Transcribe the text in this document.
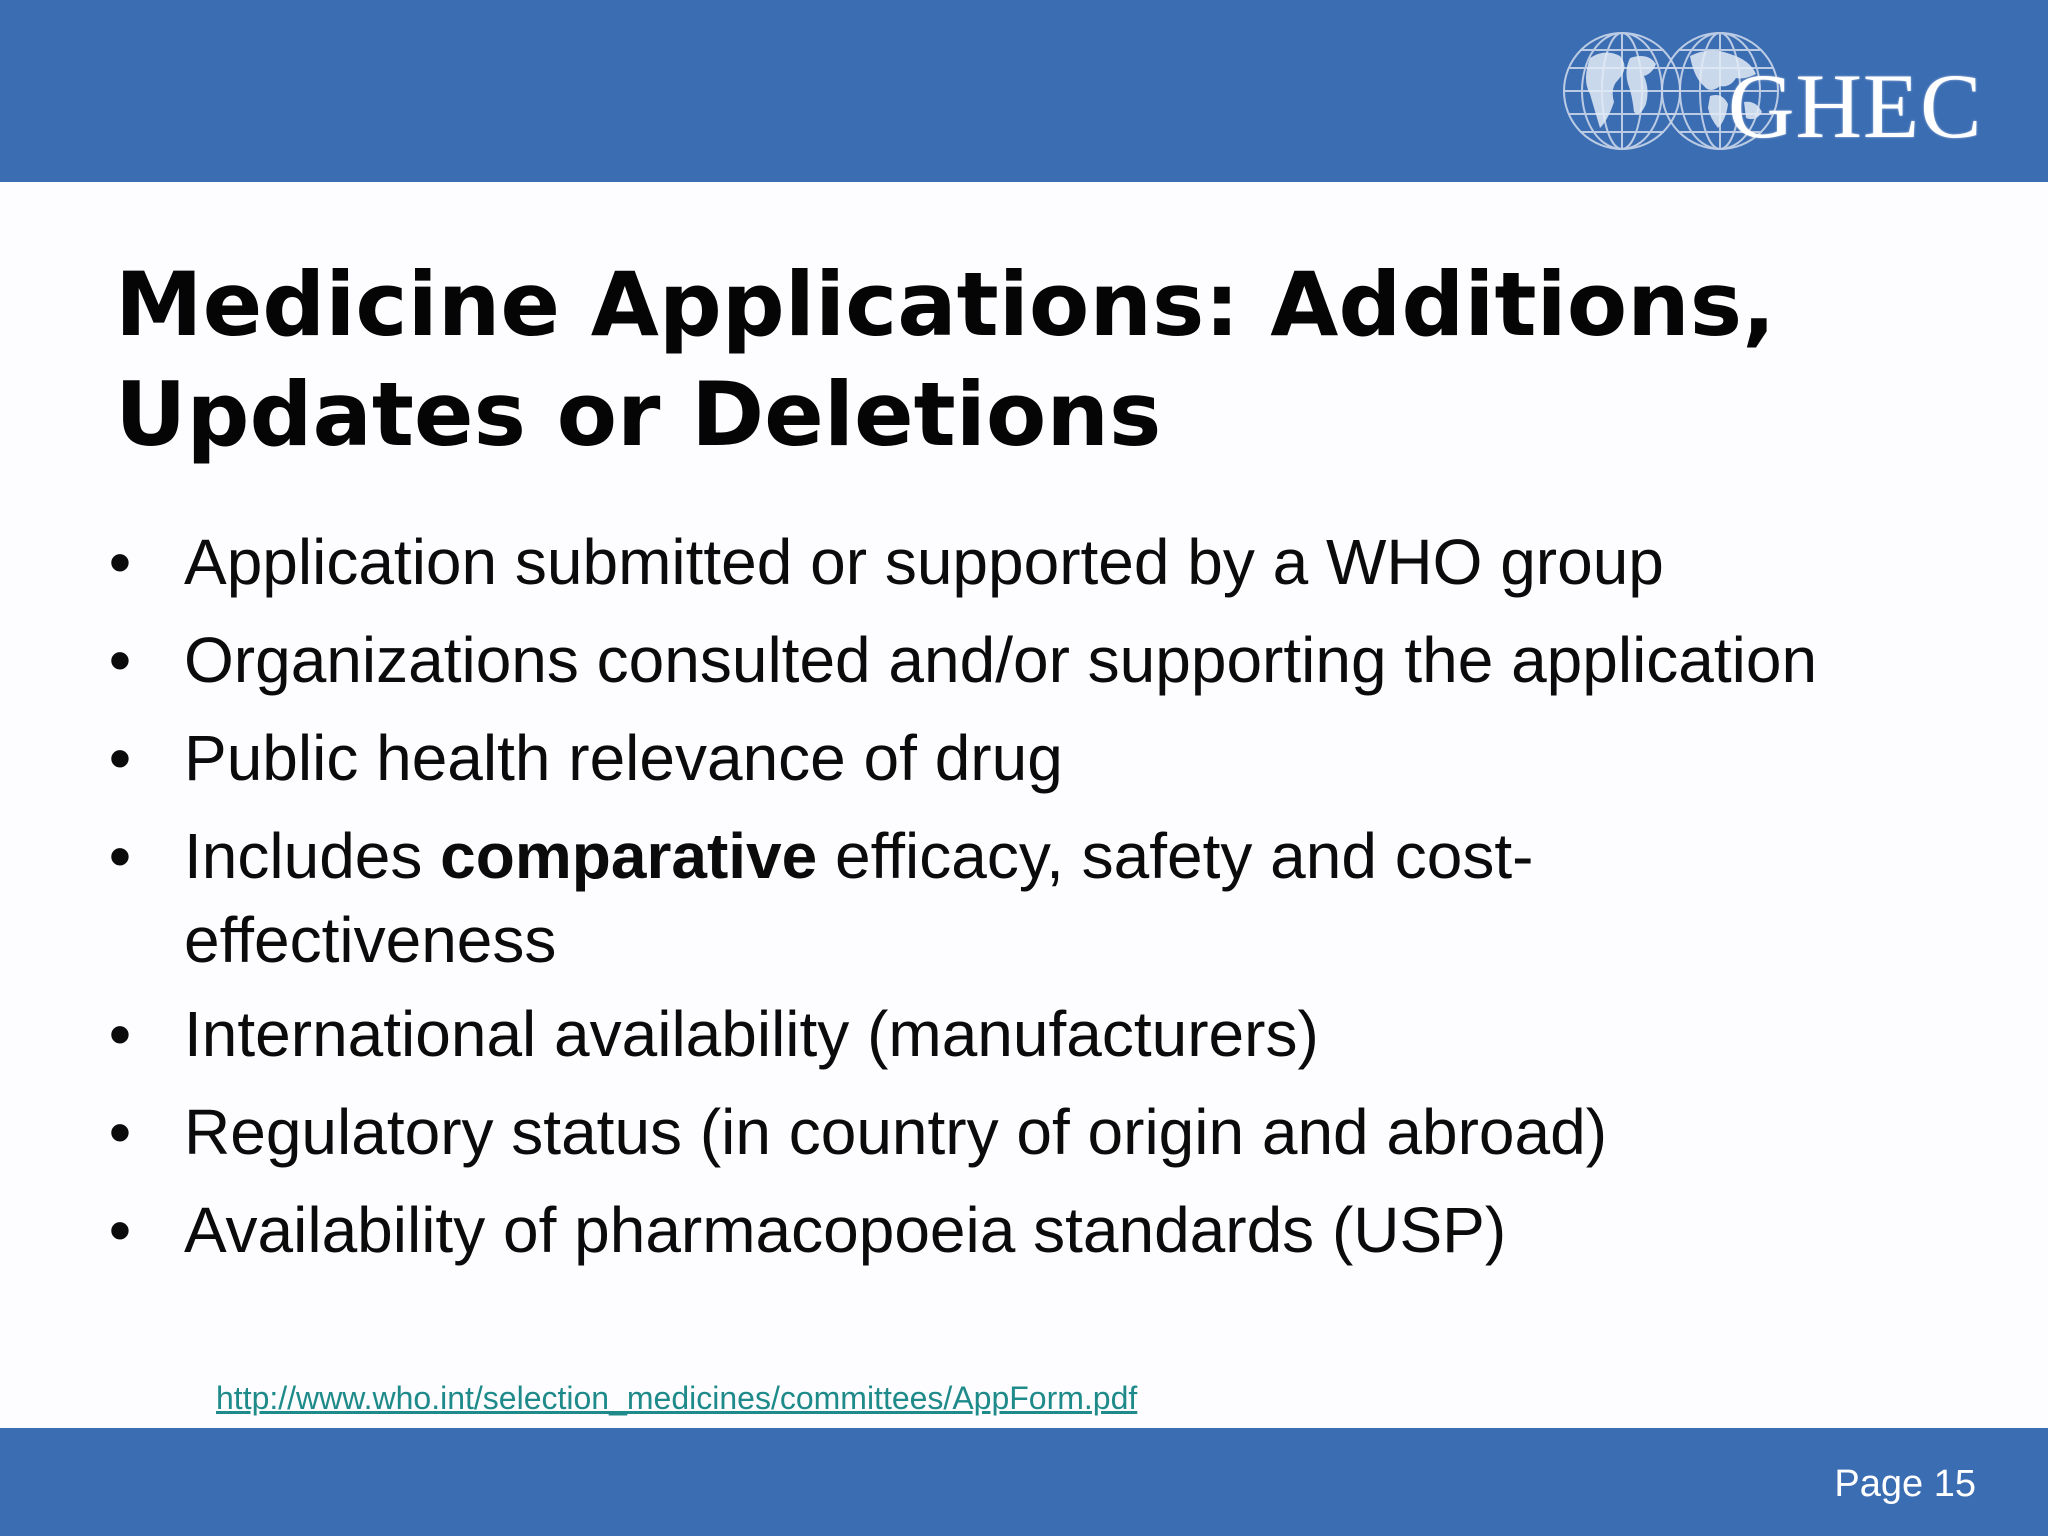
GHEC
Medicine Applications: Additions,
Updates or Deletions
• Application submitted or supported by a WHO group
• Organizations consulted and/or supporting the application
• Public health relevance of drug
• Includes comparative efficacy, safety and cost-
effectiveness
• International availability (manufacturers)
• Regulatory status (in country of origin and abroad)
• Availability of pharmacopoeia standards (USP)
http://www.who.int/selection_medicines/committees/AppForm.pdf
Page 15
